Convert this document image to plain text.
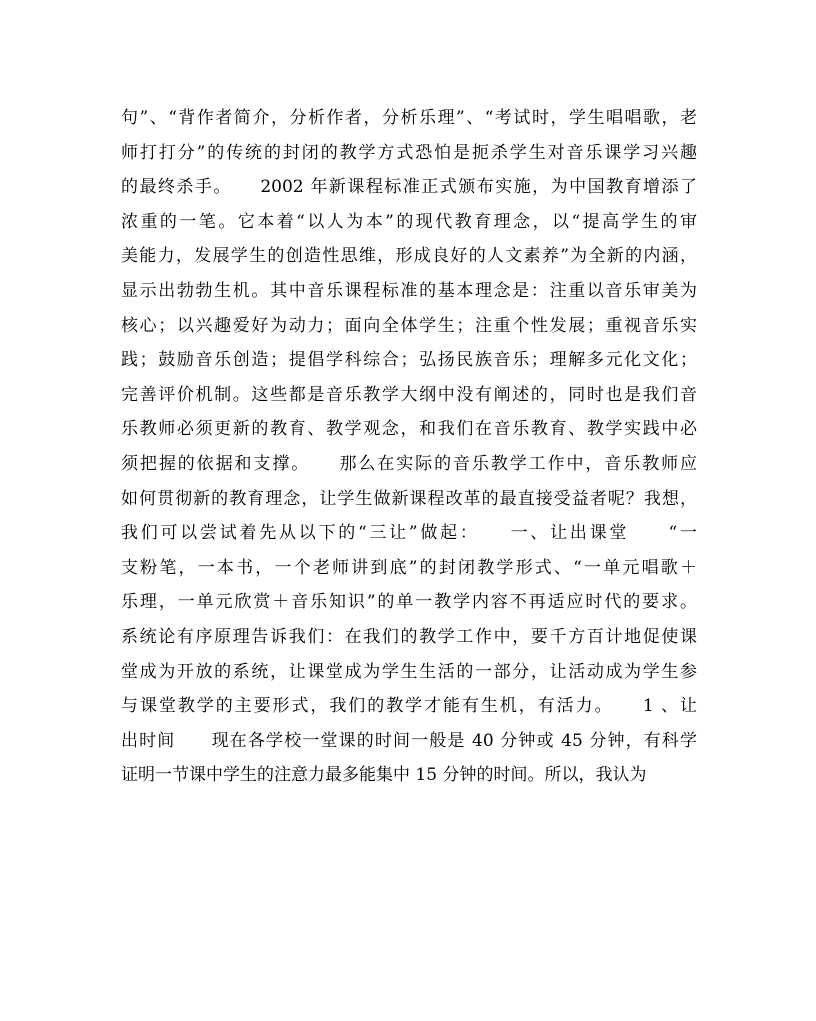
句”、“背作者简介，分析作者，分析乐理”、“考试时，学生唱唱歌，老
师打打分”的传统的封闭的教学方式恐怕是扼杀学生对音乐课学习兴趣
的最终杀手。　　2002 年新课程标准正式颁布实施，为中国教育增添了
浓重的一笔。它本着“以人为本”的现代教育理念，以“提高学生的审
美能力，发展学生的创造性思维，形成良好的人文素养”为全新的内涵，
显示出勃勃生机。其中音乐课程标准的基本理念是：注重以音乐审美为
核心；以兴趣爱好为动力；面向全体学生；注重个性发展；重视音乐实
践；鼓励音乐创造；提倡学科综合；弘扬民族音乐；理解多元化文化；
完善评价机制。这些都是音乐教学大纲中没有阐述的，同时也是我们音
乐教师必须更新的教育、教学观念，和我们在音乐教育、教学实践中必
须把握的依据和支撑。　　那么在实际的音乐教学工作中，音乐教师应
如何贯彻新的教育理念，让学生做新课程改革的最直接受益者呢？我想，
我们可以尝试着先从以下的“三让”做起：　　一、让出课堂　　“一
支粉笔，一本书，一个老师讲到底”的封闭教学形式、“一单元唱歌＋
乐理，一单元欣赏＋音乐知识”的单一教学内容不再适应时代的要求。
系统论有序原理告诉我们：在我们的教学工作中，要千方百计地促使课
堂成为开放的系统，让课堂成为学生生活的一部分，让活动成为学生参
与课堂教学的主要形式，我们的教学才能有生机，有活力。　　1 、让
出时间　　现在各学校一堂课的时间一般是 40 分钟或 45 分钟，有科学
证明一节课中学生的注意力最多能集中 15 分钟的时间。所以，我认为
